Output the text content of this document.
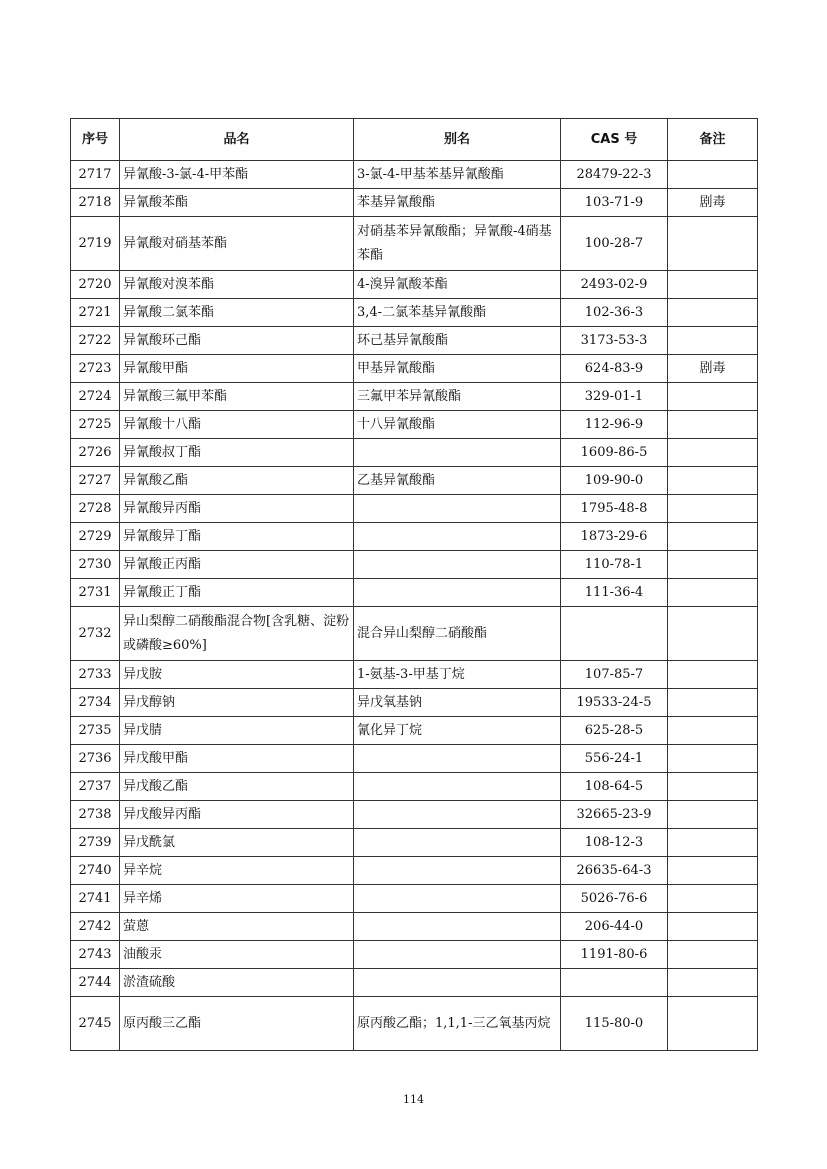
序号	品名	别名	CAS 号	备注
2717	异氰酸-3-氯-4-甲苯酯	3-氯-4-甲基苯基异氰酸酯	28479-22-3	
2718	异氰酸苯酯	苯基异氰酸酯	103-71-9	剧毒
2719	异氰酸对硝基苯酯	对硝基苯异氰酸酯；异氰酸-4硝基苯酯	100-28-7	
2720	异氰酸对溴苯酯	4-溴异氰酸苯酯	2493-02-9	
2721	异氰酸二氯苯酯	3,4-二氯苯基异氰酸酯	102-36-3	
2722	异氰酸环己酯	环己基异氰酸酯	3173-53-3	
2723	异氰酸甲酯	甲基异氰酸酯	624-83-9	剧毒
2724	异氰酸三氟甲苯酯	三氟甲苯异氰酸酯	329-01-1	
2725	异氰酸十八酯	十八异氰酸酯	112-96-9	
2726	异氰酸叔丁酯		1609-86-5	
2727	异氰酸乙酯	乙基异氰酸酯	109-90-0	
2728	异氰酸异丙酯		1795-48-8	
2729	异氰酸异丁酯		1873-29-6	
2730	异氰酸正丙酯		110-78-1	
2731	异氰酸正丁酯		111-36-4	
2732	异山梨醇二硝酸酯混合物[含乳糖、淀粉或磷酸≥60%]	混合异山梨醇二硝酸酯		
2733	异戊胺	1-氨基-3-甲基丁烷	107-85-7	
2734	异戊醇钠	异戊氧基钠	19533-24-5	
2735	异戊腈	氰化异丁烷	625-28-5	
2736	异戊酸甲酯		556-24-1	
2737	异戊酸乙酯		108-64-5	
2738	异戊酸异丙酯		32665-23-9	
2739	异戊酰氯		108-12-3	
2740	异辛烷		26635-64-3	
2741	异辛烯		5026-76-6	
2742	萤蒽		206-44-0	
2743	油酸汞		1191-80-6	
2744	淤渣硫酸			
2745	原丙酸三乙酯	原丙酸乙酯；1,1,1-三乙氧基丙烷	115-80-0	
114
